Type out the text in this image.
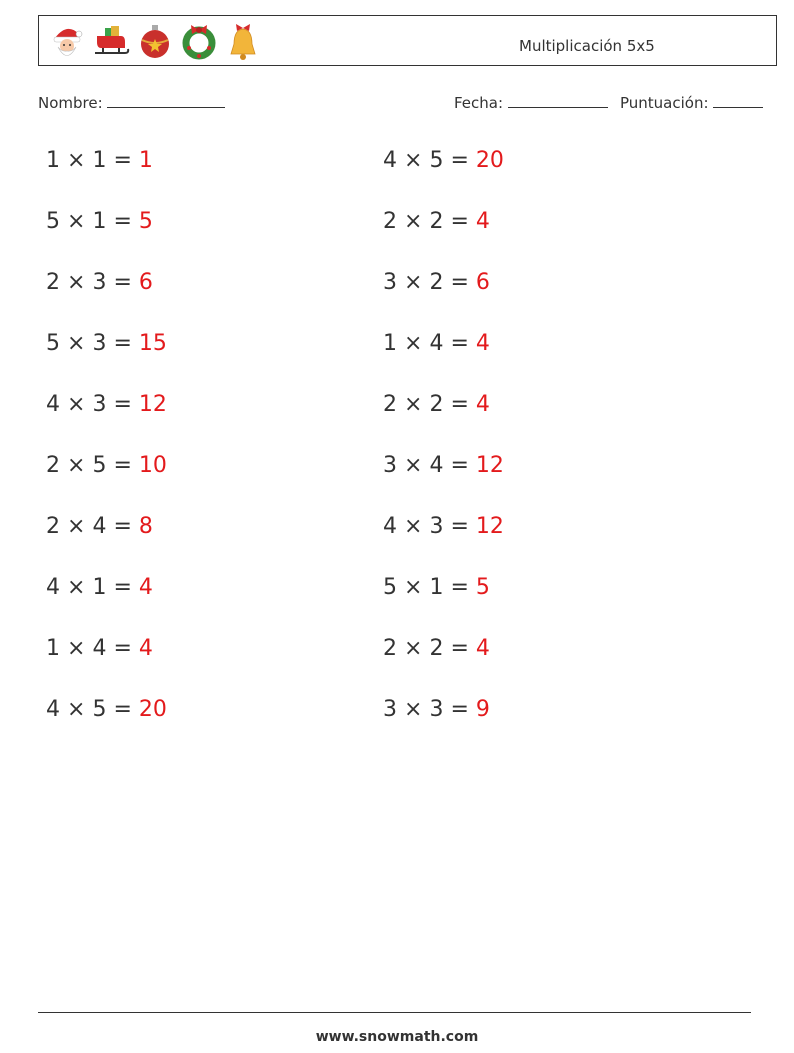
Multiplicación 5x5
Nombre:	Fecha:	Puntuación:
1 × 1 = 1
5 × 1 = 5
2 × 3 = 6
5 × 3 = 15
4 × 3 = 12
2 × 5 = 10
2 × 4 = 8
4 × 1 = 4
1 × 4 = 4
4 × 5 = 20
4 × 5 = 20
2 × 2 = 4
3 × 2 = 6
1 × 4 = 4
2 × 2 = 4
3 × 4 = 12
4 × 3 = 12
5 × 1 = 5
2 × 2 = 4
3 × 3 = 9
www.snowmath.com
